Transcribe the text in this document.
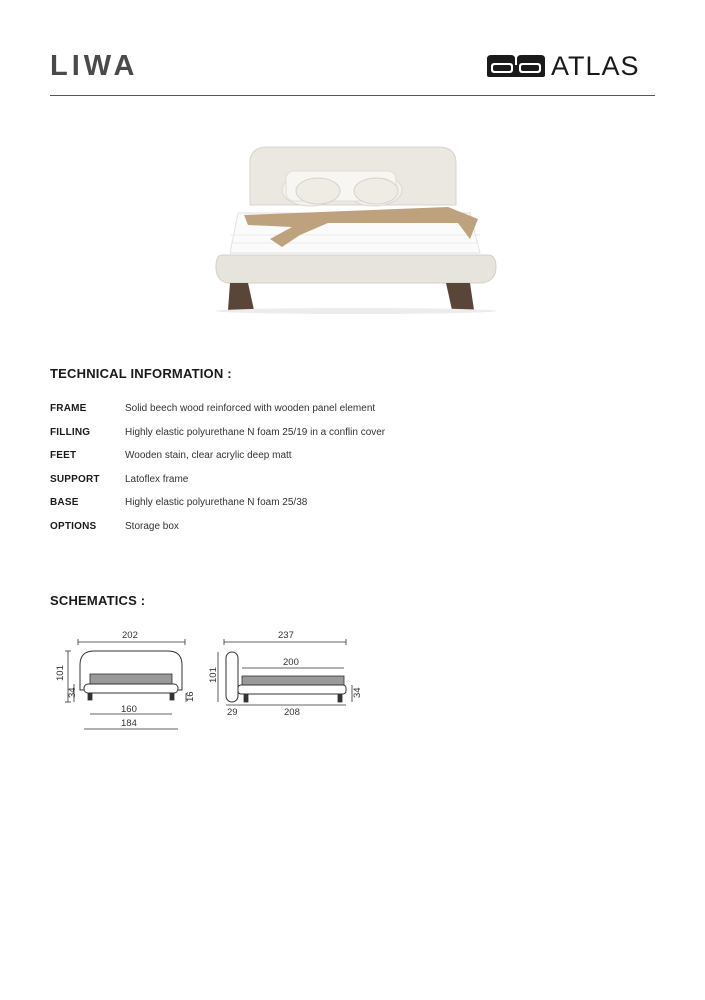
LIWA	ATLAS
TECHNICAL INFORMATION :
FRAME	Solid beech wood reinforced with wooden panel element
FILLING	Highly elastic polyurethane N foam 25/19 in a conflin cover
FEET	Wooden stain, clear acrylic deep matt
SUPPORT	Latoflex frame
BASE	Highly elastic polyurethane N foam 25/38
OPTIONS	Storage box
SCHEMATICS :
202
101
34	16
160
184
237
200
101
34
29	208
